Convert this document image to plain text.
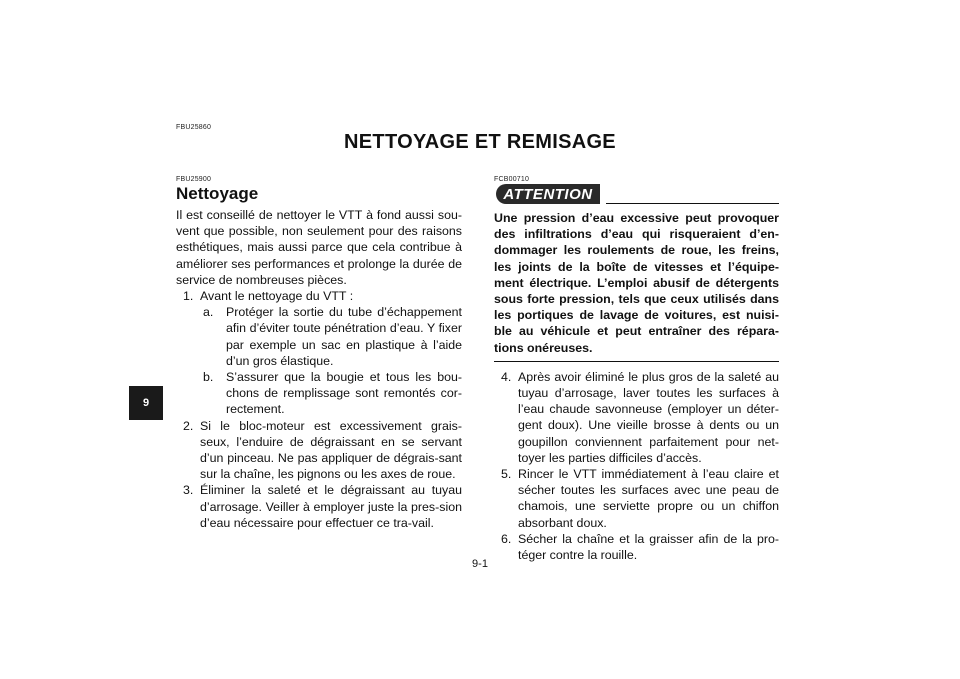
FBU25860
NETTOYAGE ET REMISAGE
9
FBU25900
Nettoyage

Il est conseillé de nettoyer le VTT à fond aussi sou-vent que possible, non seulement pour des raisons esthétiques, mais aussi parce que cela contribue à améliorer ses performances et prolonge la durée de service de nombreuses pièces.

1. Avant le nettoyage du VTT :
a. Protéger la sortie du tube d’échappement afin d’éviter toute pénétration d’eau. Y fixer par exemple un sac en plastique à l’aide d’un gros élastique.
b. S’assurer que la bougie et tous les bou-chons de remplissage sont remontés cor-rectement.
2. Si le bloc-moteur est excessivement grais-seux, l’enduire de dégraissant en se servant d’un pinceau. Ne pas appliquer de dégrais-sant sur la chaîne, les pignons ou les axes de roue.
3. Éliminer la saleté et le dégraissant au tuyau d’arrosage. Veiller à employer juste la pres-sion d’eau nécessaire pour effectuer ce tra-vail.
FCB00710
ATTENTION

Une pression d’eau excessive peut provoquer des infiltrations d’eau qui risqueraient d’en-dommager les roulements de roue, les freins, les joints de la boîte de vitesses et l’équipe-ment électrique. L’emploi abusif de détergents sous forte pression, tels que ceux utilisés dans les portiques de lavage de voitures, est nuisi-ble au véhicule et peut entraîner des répara-tions onéreuses.

4. Après avoir éliminé le plus gros de la saleté au tuyau d’arrosage, laver toutes les surfaces à l’eau chaude savonneuse (employer un déter-gent doux). Une vieille brosse à dents ou un goupillon conviennent parfaitement pour net-toyer les parties difficiles d’accès.
5. Rincer le VTT immédiatement à l’eau claire et sécher toutes les surfaces avec une peau de chamois, une serviette propre ou un chiffon absorbant doux.
6. Sécher la chaîne et la graisser afin de la pro-téger contre la rouille.
9-1
